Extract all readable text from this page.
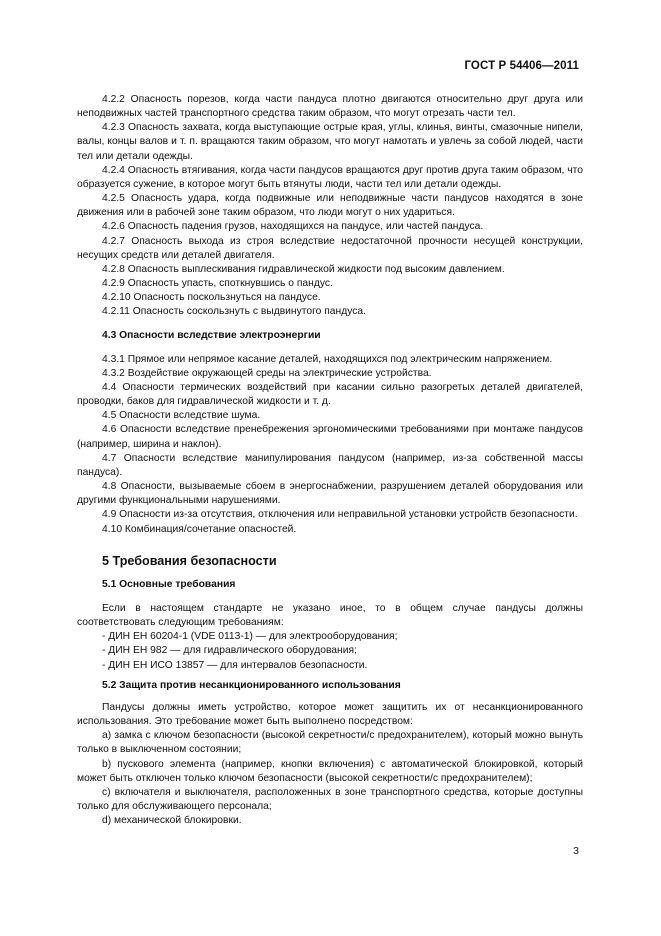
ГОСТ Р 54406—2011

4.2.2 Опасность порезов, когда части пандуса плотно двигаются относительно друг друга или неподвижных частей транспортного средства таким образом, что могут отрезать части тел.

4.2.3 Опасность захвата, когда выступающие острые края, углы, клинья, винты, смазочные нипели, валы, концы валов и т. п. вращаются таким образом, что могут намотать и увлечь за собой людей, части тел или детали одежды.

4.2.4 Опасность втягивания, когда части пандусов вращаются друг против друга таким образом, что образуется сужение, в которое могут быть втянуты люди, части тел или детали одежды.

4.2.5 Опасность удара, когда подвижные или неподвижные части пандусов находятся в зоне движения или в рабочей зоне таким образом, что люди могут о них удариться.

4.2.6 Опасность падения грузов, находящихся на пандусе, или частей пандуса.

4.2.7 Опасность выхода из строя вследствие недостаточной прочности несущей конструкции, несущих средств или деталей двигателя.

4.2.8 Опасность выплескивания гидравлической жидкости под высоким давлением.

4.2.9 Опасность упасть, споткнувшись о пандус.

4.2.10 Опасность поскользнуться на пандусе.

4.2.11 Опасность соскользнуть с выдвинутого пандуса.

4.3 Опасности вследствие электроэнергии

4.3.1 Прямое или непрямое касание деталей, находящихся под электрическим напряжением.

4.3.2 Воздействие окружающей среды на электрические устройства.

4.4 Опасности термических воздействий при касании сильно разогретых деталей двигателей, проводки, баков для гидравлической жидкости и т. д.

4.5 Опасности вследствие шума.

4.6 Опасности вследствие пренебрежения эргономическими требованиями при монтаже пандусов (например, ширина и наклон).

4.7 Опасности вследствие манипулирования пандусом (например, из-за собственной массы пандуса).

4.8 Опасности, вызываемые сбоем в энергоснабжении, разрушением деталей оборудования или другими функциональными нарушениями.

4.9 Опасности из-за отсутствия, отключения или неправильной установки устройств безопасности.

4.10 Комбинация/сочетание опасностей.

5 Требования безопасности

5.1 Основные требования

Если в настоящем стандарте не указано иное, то в общем случае пандусы должны соответствовать следующим требованиям:

- ДИН ЕН 60204-1 (VDE 0113-1) — для электрооборудования;

- ДИН ЕН 982 — для гидравлического оборудования;

- ДИН ЕН ИСО 13857 — для интервалов безопасности.

5.2 Защита против несанкционированного использования

Пандусы должны иметь устройство, которое может защитить их от несанкционированного использования. Это требование может быть выполнено посредством:

a) замка с ключом безопасности (высокой секретности/с предохранителем), который можно вынуть только в выключенном состоянии;

b) пускового элемента (например, кнопки включения) с автоматической блокировкой, который может быть отключен только ключом безопасности (высокой секретности/с предохранителем);

c) включателя и выключателя, расположенных в зоне транспортного средства, которые доступны только для обслуживающего персонала;

d) механической блокировки.

3
